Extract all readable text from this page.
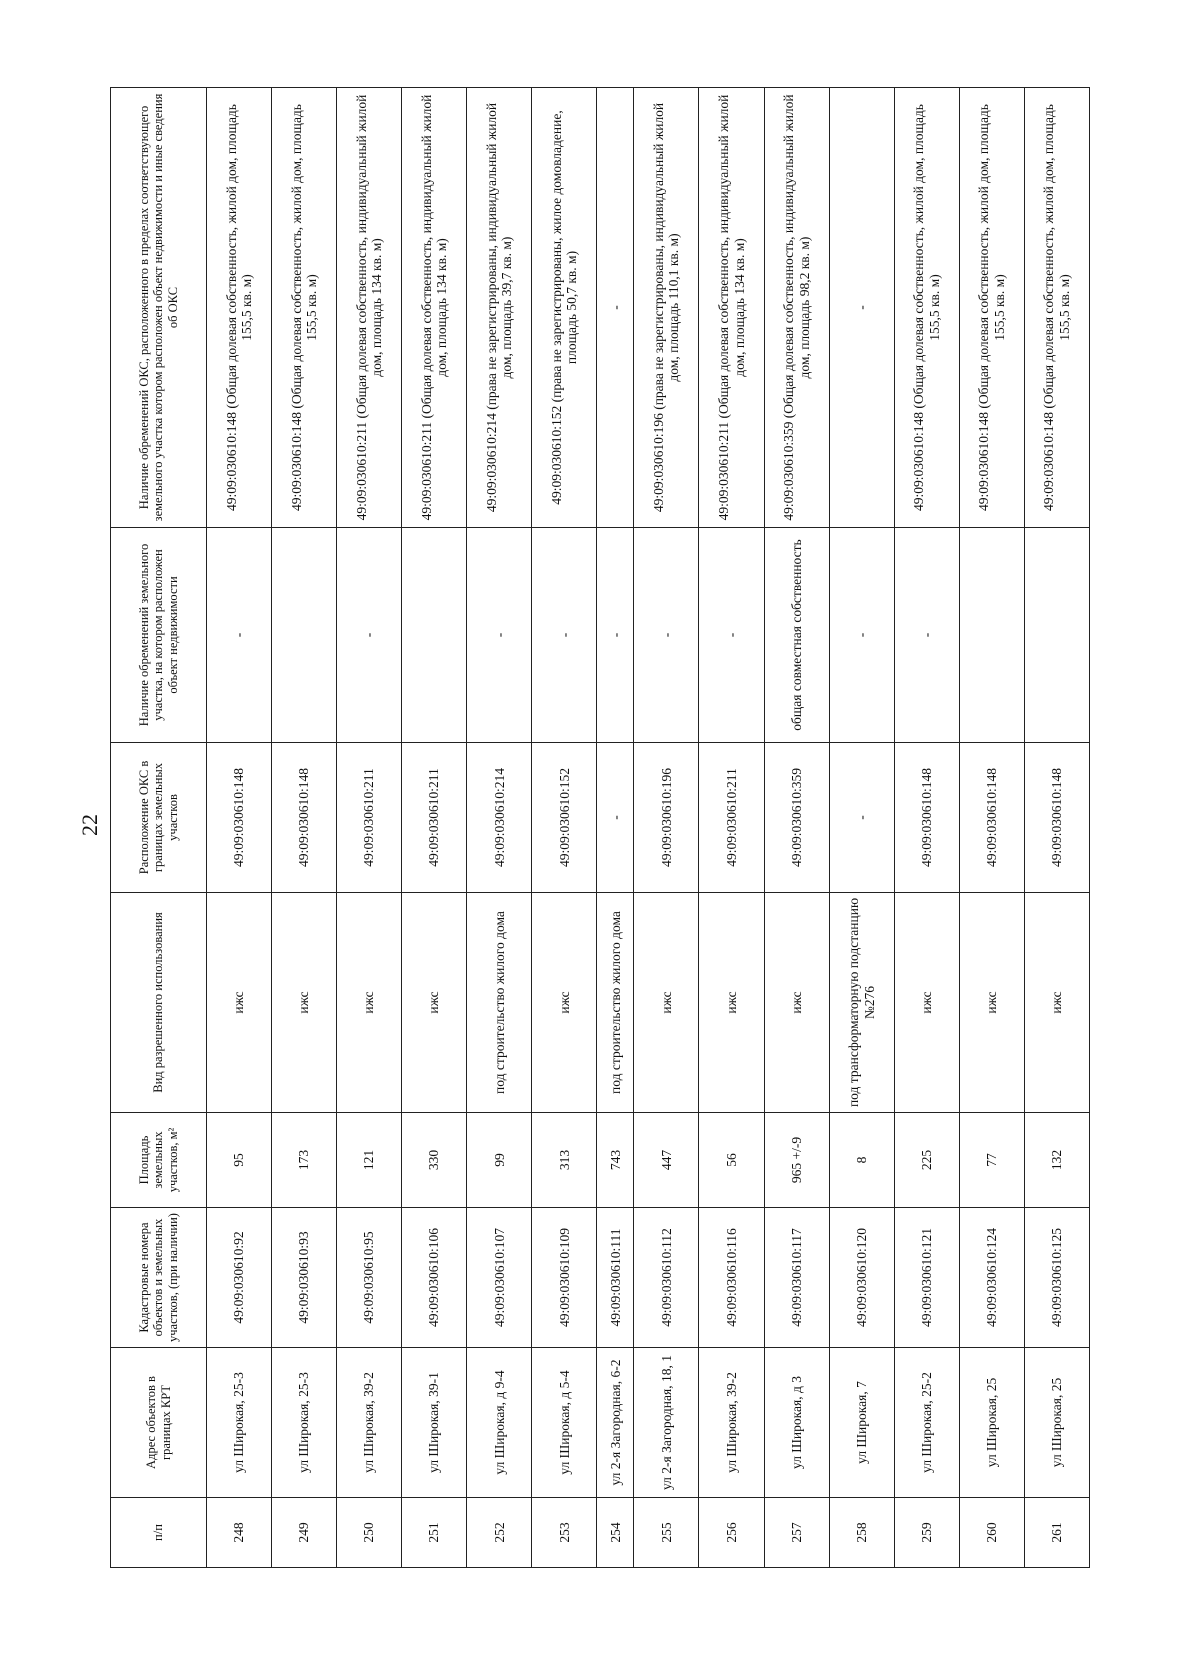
22
п/п	Адрес объектов в границах КРТ	Кадастровые номера объектов и земельных участков, (при наличии)	Площадь земельных участков, м²	Вид разрешенного использования	Расположение ОКС в границах земельных участков	Наличие обременений земельного участка, на котором расположен объект недвижимости	Наличие обременений ОКС, расположенного в пределах соответствующего земельного участка котором расположен объект недвижимости и иные сведения об ОКС
248	ул Широкая, 25-3	49:09:030610:92	95	ижс	49:09:030610:148	-	49:09:030610:148 (Общая долевая собственность, жилой дом, площадь 155,5 кв. м)
249	ул Широкая, 25-3	49:09:030610:93	173	ижс	49:09:030610:148		49:09:030610:148 (Общая долевая собственность, жилой дом, площадь 155,5 кв. м)
250	ул Широкая, 39-2	49:09:030610:95	121	ижс	49:09:030610:211	-	49:09:030610:211 (Общая долевая собственность, индивидуальный жилой дом, площадь 134 кв. м)
251	ул Широкая, 39-1	49:09:030610:106	330	ижс	49:09:030610:211		49:09:030610:211 (Общая долевая собственность, индивидуальный жилой дом, площадь 134 кв. м)
252	ул Широкая, д 9-4	49:09:030610:107	99	под строительство жилого дома	49:09:030610:214	-	49:09:030610:214 (права не зарегистрированы, индивидуальный жилой дом, площадь 39,7 кв. м)
253	ул Широкая, д 5-4	49:09:030610:109	313	ижс	49:09:030610:152	-	49:09:030610:152 (права не зарегистрированы, жилое домовладение, площадь 50,7 кв. м)
254	ул 2-я Загородная, 6-2	49:09:030610:111	743	под строительство жилого дома	-	-	-
255	ул 2-я Загородная, 18, 1	49:09:030610:112	447	ижс	49:09:030610:196	-	49:09:030610:196 (права не зарегистрированы, индивидуальный жилой дом, площадь 110,1 кв. м)
256	ул Широкая, 39-2	49:09:030610:116	56	ижс	49:09:030610:211	-	49:09:030610:211 (Общая долевая собственность, индивидуальный жилой дом, площадь 134 кв. м)
257	ул Широкая, д 3	49:09:030610:117	965 +/-9	ижс	49:09:030610:359	общая совместная собственность	49:09:030610:359 (Общая долевая собственность, индивидуальный жилой дом, площадь 98,2 кв. м)
258	ул Широкая, 7	49:09:030610:120	8	под трансформаторную подстанцию №276	-	-	-
259	ул Широкая, 25-2	49:09:030610:121	225	ижс	49:09:030610:148	-	49:09:030610:148 (Общая долевая собственность, жилой дом, площадь 155,5 кв. м)
260	ул Широкая, 25	49:09:030610:124	77	ижс	49:09:030610:148		49:09:030610:148 (Общая долевая собственность, жилой дом, площадь 155,5 кв. м)
261	ул Широкая, 25	49:09:030610:125	132	ижс	49:09:030610:148		49:09:030610:148 (Общая долевая собственность, жилой дом, площадь 155,5 кв. м)
